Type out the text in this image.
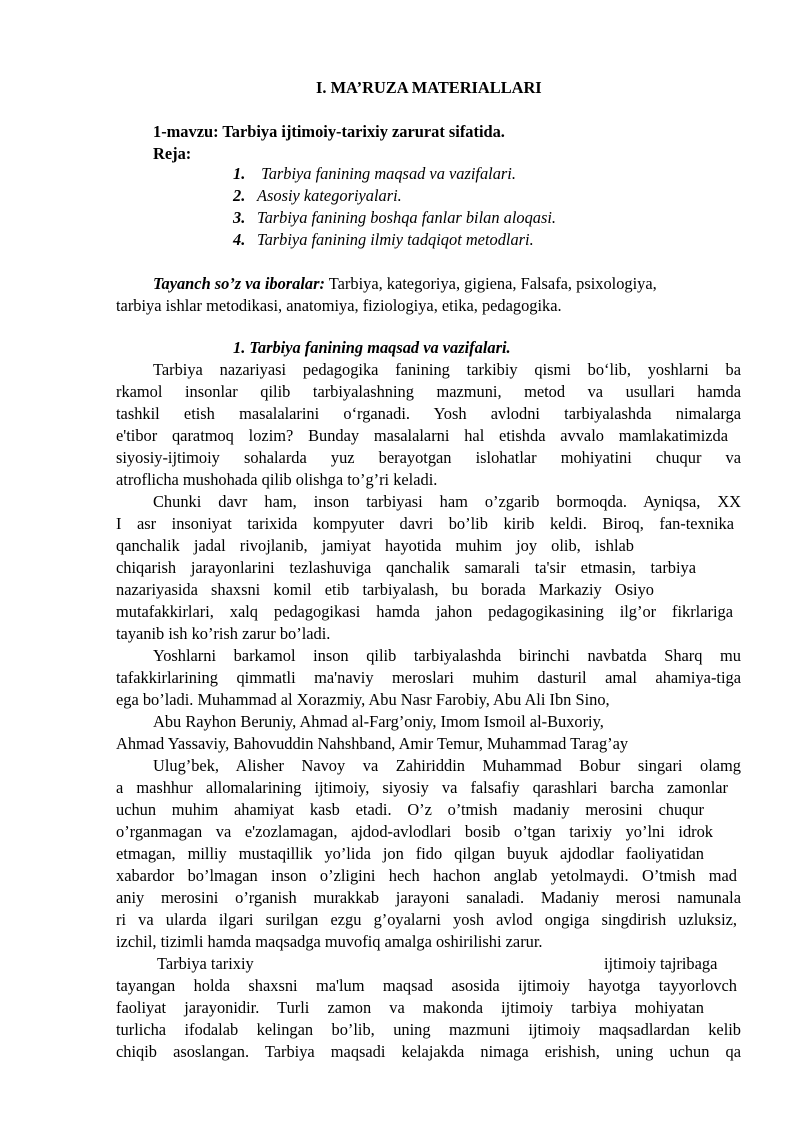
I. MA’RUZA MATERIALLARI
1-mavzu: Tarbiya ijtimoiy-tarixiy zarurat sifatida.
Reja:
1. Tarbiya fanining maqsad va vazifalari.
2. Asosiy kategoriyalari.
3. Tarbiya fanining boshqa fanlar bilan aloqasi.
4. Tarbiya fanining ilmiy tadqiqot metodlari.
Tayanch so’z va iboralar: Tarbiya, kategoriya, gigiena, Falsafa, psixologiya,
tarbiya ishlar metodikasi, anatomiya, fiziologiya, etika, pedagogika.
1. Tarbiya fanining maqsad va vazifalari.
Tarbiya nazariyasi pedagogika fanining tarkibiy qismi bo‘lib, yoshlarni ba
rkamol insonlar qilib tarbiyalashning mazmuni, metod va usullari hamda
tashkil etish masalalarini o‘rganadi. Yosh avlodni tarbiyalashda nimalarga
e'tibor qaratmoq lozim? Bunday masalalarni hal etishda avvalo mamlakatimizda
siyosiy-ijtimoiy sohalarda yuz berayotgan islohatlar mohiyatini chuqur va
atroflicha mushohada qilib olishga to’g’ri keladi.
Chunki davr ham, inson tarbiyasi ham o’zgarib bormoqda. Ayniqsa, XX
I asr insoniyat tarixida kompyuter davri bo’lib kirib keldi. Biroq, fan-texnika
qanchalik jadal rivojlanib, jamiyat hayotida muhim joy olib, ishlab
chiqarish jarayonlarini tezlashuviga qanchalik samarali ta'sir etmasin, tarbiya
nazariyasida shaxsni komil etib tarbiyalash, bu borada Markaziy Osiyo
mutafakkirlari, xalq pedagogikasi hamda jahon pedagogikasining ilg’or fikrlariga
tayanib ish ko’rish zarur bo’ladi.
Yoshlarni barkamol inson qilib tarbiyalashda birinchi navbatda Sharq mu
tafakkirlarining qimmatli ma'naviy meroslari muhim dasturil amal ahamiya-tiga
ega bo’ladi. Muhammad al Xorazmiy, Abu Nasr Farobiy, Abu Ali Ibn Sino,
Abu Rayhon Beruniy, Ahmad al-Farg’oniy, Imom Ismoil al-Buxoriy,
Ahmad Yassaviy, Bahovuddin Nahshband, Amir Temur, Muhammad Tarag’ay
Ulug’bek, Alisher Navoy va Zahiriddin Muhammad Bobur singari olamg
a mashhur allomalarining ijtimoiy, siyosiy va falsafiy qarashlari barcha zamonlar
uchun muhim ahamiyat kasb etadi. O’z o’tmish madaniy merosini chuqur
o’rganmagan va e'zozlamagan, ajdod-avlodlari bosib o’tgan tarixiy yo’lni idrok
etmagan, milliy mustaqillik yo’lida jon fido qilgan buyuk ajdodlar faoliyatidan
xabardor bo’lmagan inson o’zligini hech hachon anglab yetolmaydi. O’tmish mad
aniy merosini o’rganish murakkab jarayoni sanaladi. Madaniy merosi namunala
ri va ularda ilgari surilgan ezgu g’oyalarni yosh avlod ongiga singdirish uzluksiz,
izchil, tizimli hamda maqsadga muvofiq amalga oshirilishi zarur.
Tarbiya tarixiy	ijtimoiy tajribaga
tayangan holda shaxsni ma'lum maqsad asosida ijtimoiy hayotga tayyorlovch
faoliyat jarayonidir. Turli zamon va makonda ijtimoiy tarbiya mohiyatan
turlicha ifodalab kelingan bo’lib, uning mazmuni ijtimoiy maqsadlardan kelib
chiqib asoslangan. Tarbiya maqsadi kelajakda nimaga erishish, uning uchun qa
